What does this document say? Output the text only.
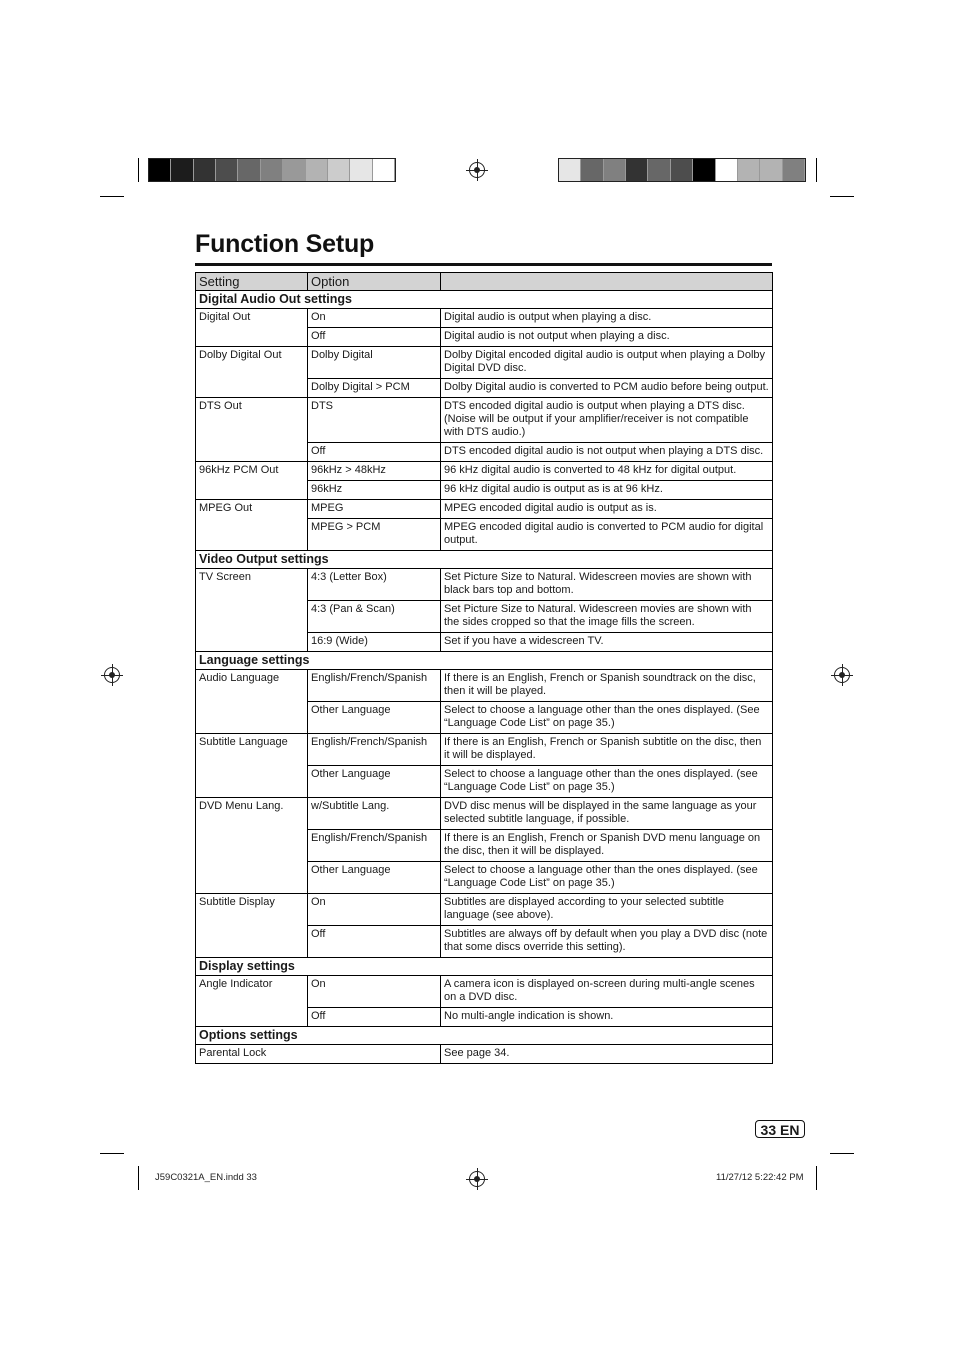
Function Setup
Setting	Option	
Digital Audio Out settings		
Digital Out	On	Digital audio is output when playing a disc.
	Off	Digital audio is not output when playing a disc.
Dolby Digital Out	Dolby Digital	Dolby Digital encoded digital audio is output when playing a Dolby Digital DVD disc.
	Dolby Digital > PCM	Dolby Digital audio is converted to PCM audio before being output.
DTS Out	DTS	DTS encoded digital audio is output when playing a DTS disc. (Noise will be output if your amplifier/receiver is not compatible with DTS audio.)
	Off	DTS encoded digital audio is not output when playing a DTS disc.
96kHz PCM Out	96kHz > 48kHz	96 kHz digital audio is converted to 48 kHz for digital output.
	96kHz	96 kHz digital audio is output as is at 96 kHz.
MPEG Out	MPEG	MPEG encoded digital audio is output as is.
	MPEG > PCM	MPEG encoded digital audio is converted to PCM audio for digital output.
Video Output settings		
TV Screen	4:3 (Letter Box)	Set Picture Size to Natural. Widescreen movies are shown with black bars top and bottom.
	4:3 (Pan & Scan)	Set Picture Size to Natural. Widescreen movies are shown with the sides cropped so that the image fills the screen.
	16:9 (Wide)	Set if you have a widescreen TV.
Language settings		
Audio Language	English/French/Spanish	If there is an English, French or Spanish soundtrack on the disc, then it will be played.
	Other Language	Select to choose a language other than the ones displayed. (See “Language Code List” on page 35.)
Subtitle Language	English/French/Spanish	If there is an English, French or Spanish subtitle on the disc, then it will be displayed.
	Other Language	Select to choose a language other than the ones displayed. (see “Language Code List” on page 35.)
DVD Menu Lang.	w/Subtitle Lang.	DVD disc menus will be displayed in the same language as your selected subtitle language, if possible.
	English/French/Spanish	If there is an English, French or Spanish DVD menu language on the disc, then it will be displayed.
	Other Language	Select to choose a language other than the ones displayed. (see “Language Code List” on page 35.)
Subtitle Display	On	Subtitles are displayed according to your selected subtitle language (see above).
	Off	Subtitles are always off by default when you play a DVD disc (note that some discs override this setting).
Display settings		
Angle Indicator	On	A camera icon is displayed on-screen during multi-angle scenes on a DVD disc.
	Off	No multi-angle indication is shown.
Options settings		
Parental Lock		See page 34.
33 EN
J59C0321A_EN.indd 33	11/27/12 5:22:42 PM
